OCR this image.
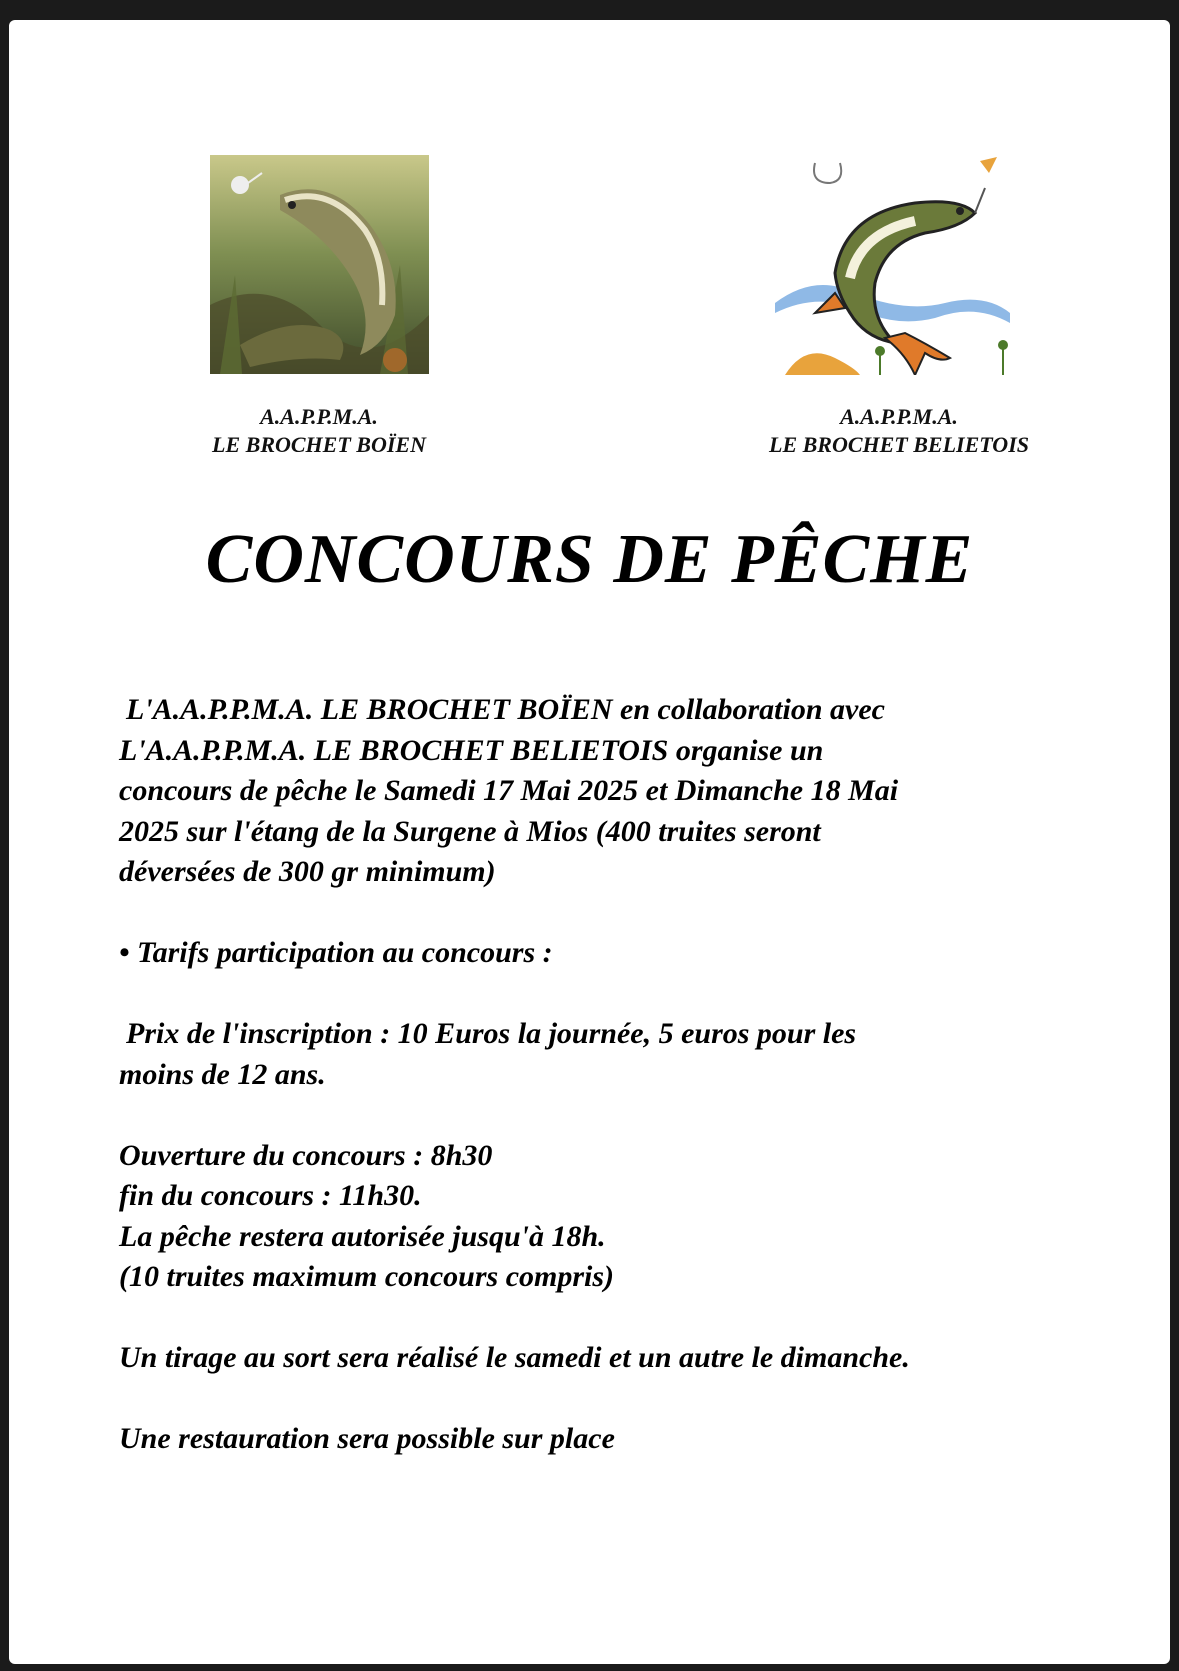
A.A.P.P.M.A.
LE BROCHET BOÏEN
A.A.P.P.M.A.
LE BROCHET BELIETOIS
CONCOURS DE PÊCHE

L'A.A.P.P.M.A. LE BROCHET BOÏEN en collaboration avec

L'A.A.P.P.M.A. LE BROCHET BELIETOIS organise un

concours de pêche le Samedi 17 Mai 2025 et Dimanche 18 Mai

2025 sur l'étang de la Surgene à Mios (400 truites seront

déversées de 300 gr minimum)

• Tarifs participation au concours :

Prix de l'inscription : 10 Euros la journée, 5 euros pour les

moins de 12 ans.

Ouverture du concours : 8h30

fin du concours : 11h30.

La pêche restera autorisée jusqu'à 18h.

(10 truites maximum concours compris)

Un tirage au sort sera réalisé le samedi et un autre le dimanche.

Une restauration sera possible sur place
